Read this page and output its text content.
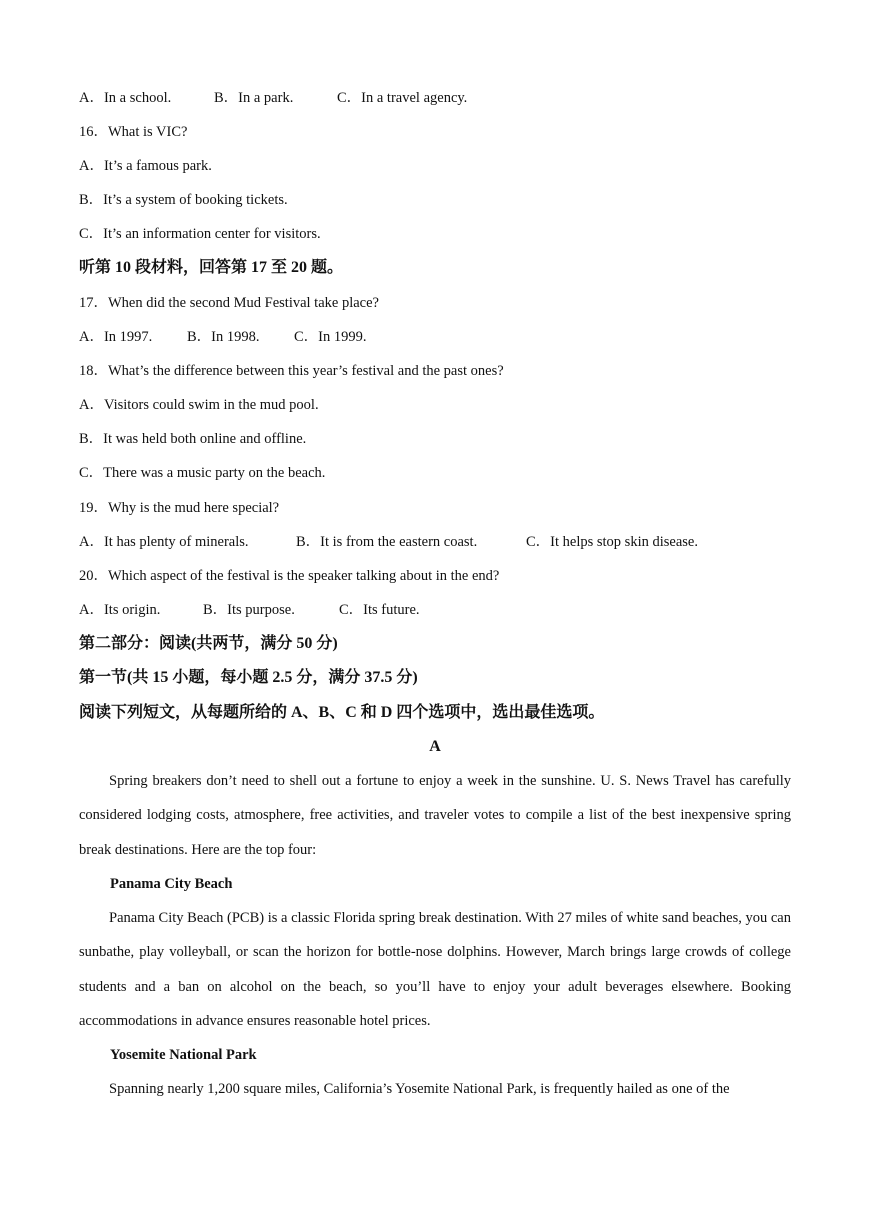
A．In a school.	B．In a park.	C．In a travel agency.
16．What is VIC?
A．It’s a famous park.
B．It’s a system of booking tickets.
C．It’s an information center for visitors.
听第 10 段材料，回答第 17 至 20 题。
17．When did the second Mud Festival take place?
A．In 1997. B．In 1998. C．In 1999.
18．What’s the difference between this year’s festival and the past ones?
A．Visitors could swim in the mud pool.
B．It was held both online and offline.
C．There was a music party on the beach.
19．Why is the mud here special?
A．It has plenty of minerals.	B．It is from the eastern coast.	C．It helps stop skin disease.
20．Which aspect of the festival is the speaker talking about in the end?
A．Its origin.	B．Its purpose.	C．Its future.
第二部分：阅读(共两节，满分 50 分)
第一节(共 15 小题，每小题 2.5 分，满分 37.5 分)
阅读下列短文，从每题所给的 A、B、C 和 D 四个选项中，选出最佳选项。
A
Spring breakers don’t need to shell out a fortune to enjoy a week in the sunshine. U. S. News Travel has carefully considered lodging costs, atmosphere, free activities, and traveler votes to compile a list of the best inexpensive spring break destinations. Here are the top four:
Panama City Beach
Panama City Beach (PCB) is a classic Florida spring break destination. With 27 miles of white sand beaches, you can sunbathe, play volleyball, or scan the horizon for bottle-nose dolphins. However, March brings large crowds of college students and a ban on alcohol on the beach, so you’ll have to enjoy your adult beverages elsewhere. Booking accommodations in advance ensures reasonable hotel prices.
Yosemite National Park
Spanning nearly 1,200 square miles, California’s Yosemite National Park, is frequently hailed as one of the
